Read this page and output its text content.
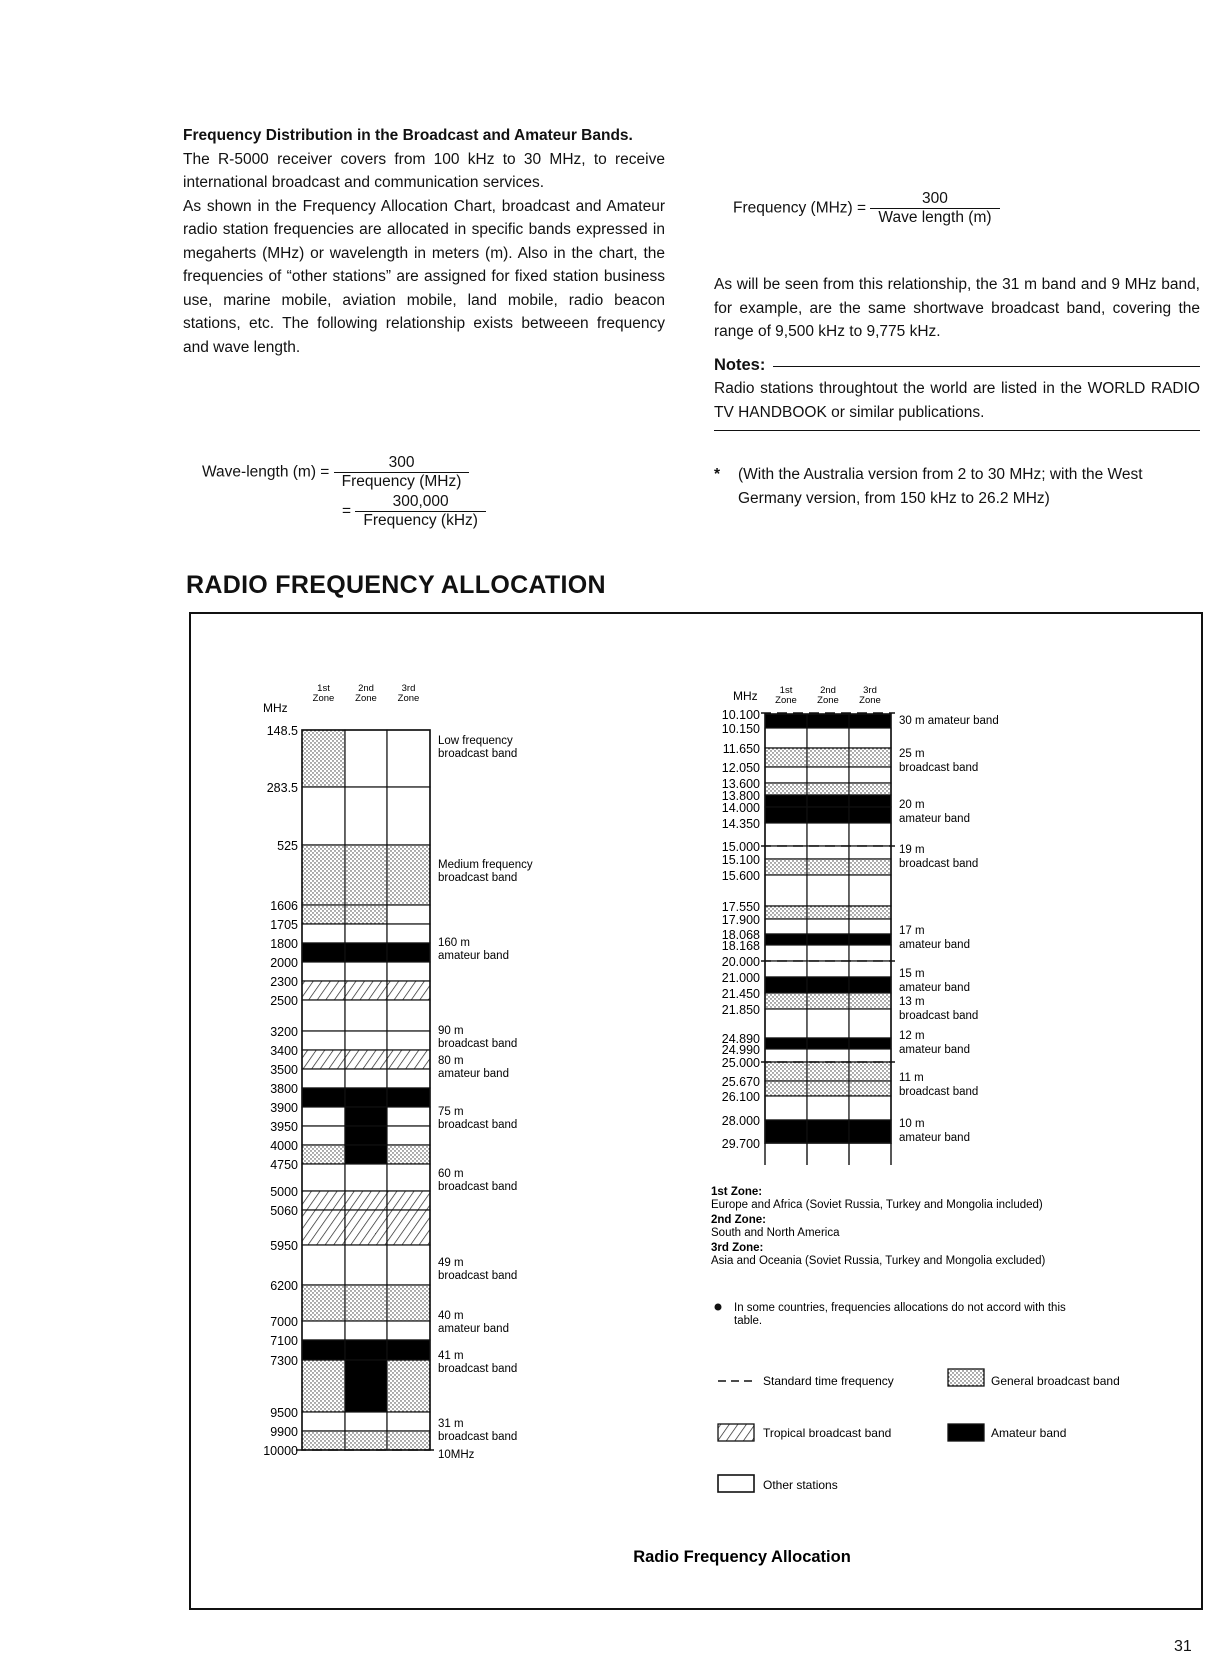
Frequency Distribution in the Broadcast and Amateur Bands.

The R-5000 receiver covers from 100 kHz to 30 MHz, to receive international broadcast and communication services.

As shown in the Frequency Allocation Chart, broadcast and Amateur radio station frequencies are allocated in specific bands expressed in megaherts (MHz) or wavelength in meters (m). Also in the chart, the frequencies of “other stations” are assigned for fixed station business use, marine mobile, aviation mobile, land mobile, radio beacon stations, etc. The following relationship exists betweeen frequency and wave length.

Wave-length $(m) = \frac{300}{\text{Frequency (MHz)}}$
= $\frac{300,000}{\text{Frequency (kHz)}}$
Frequency $(MHz) = \frac{300}{\text{Wave length (m)}}$
As will be seen from this relationship, the 31 m band and 9 MHz band, for example, are the same shortwave broadcast band, covering the range of 9,500 kHz to 9,775 kHz.
Notes:
Radio stations throughtout the world are listed in the WORLD RADIO TV HANDBOOK or similar publications.
* (With the Australia version from 2 to 30 MHz; with the West Germany version, from 150 kHz to 26.2 MHz)
RADIO FREQUENCY ALLOCATION
148.5
283.5
525
1606
1705
1800
2000
2300
2500
3200
3400
3500
3800
3900
3950
4000
4750
5000
5060
5950
6200
7000
7100
7300
9500
9900
10000
MHz
1st
Zone
2nd
Zone
3rd
Zone
Low frequency
broadcast band
Medium frequency
broadcast band
160 m
amateur band
90 m
broadcast band
80 m
amateur band
75 m
broadcast band
60 m
broadcast band
49 m
broadcast band
40 m
amateur band
41 m
broadcast band
31 m
broadcast band
10MHz
10.100
10.150
11.650
12.050
13.600
13.800
14.000
14.350
15.000
15.100
15.600
17.550
17.900
18.068
18.168
20.000
21.000
21.450
21.850
24.890
24.990
25.000
25.670
26.100
28.000
29.700
MHz 1st
Zone
2nd
Zone
3rd
Zone
30 m amateur band
25 m
broadcast band
20 m
amateur band
19 m
broadcast band
17 m
amateur band
15 m
amateur band
13 m
broadcast band
12 m
amateur band
11 m
broadcast band
10 m
amateur band
1st Zone:
Europe and Africa (Soviet Russia, Turkey and Mongolia included)
2nd Zone:
South and North America
3rd Zone:
Asia and Oceania (Soviet Russia, Turkey and Mongolia excluded)
In some countries, frequencies allocations do not accord with this
table.
Standard time frequency	General broadcast band
Tropical broadcast band	Amateur band
Other stations
Radio Frequency Allocation
31
